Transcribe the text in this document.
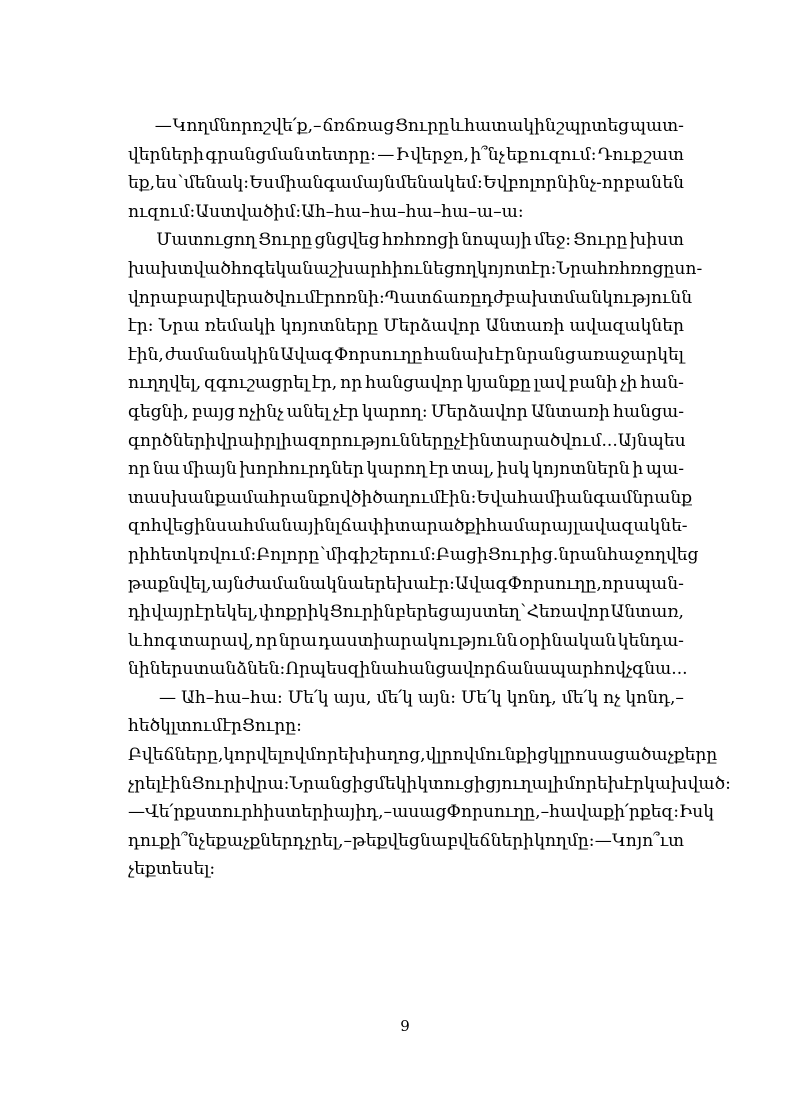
— Կողմնորոշվե՛ք,– ճռճռաց Ցուրը և հատակին շպրտեց պատ-
վերների գրանցման տետրը: — Ի վերջո, ի՞նչ եք ուզում: Դուք շատ
եք, ես՝ մենակ: Ես միանգամայն մենակ եմ: Եվ բոլորն ինչ-որ բան են
ուզում: Աստված իմ: Ահ–հա–հա–հա–հա–ա–ա:
Մատուցող Ցուրը ցնցվեց հռհռոցի նոպայի մեջ: Ցուրը խիստ
խախտված հոգեկան աշխարհի ունեցող կոյոտ էր: Նրա հռհռոցը սո-
վորաբար վերածվում էր ոռնի: Պատճառը դժբախտ մանկությունն
էր: Նրա ռեմակի կոյոտները Մերձավոր Անտառի ավազակներ
էին, ժամանակին Ավագ Փորսուղը հանախ էր նրանց առաջարկել
ուղղվել, զգուշացրել էր, որ հանցավոր կյանքը լավ բանի չի հան-
գեցնի, բայց ոչինչ անել չէր կարող: Մերձավոր Անտառի հանցա-
գործների վրա իր լիազորությունները չէին տարածվում... Այնպես
որ նա միայն խորհուրդներ կարող էր տալ, իսկ կոյոտներն ի պա-
տասխան քամահրանքով ծիծաղում էին: Եվ ահա մի անգամ նրանք
զոհվեցին սահմանային լճափի տարածքի համար այլ ավազակնե-
րի հետ կռվում: Բոլորը՝ մի գիշերում: Բացի Ցուրից. նրան հաջողվեց
թաքնվել, այն ժամանակ նա երեխա էր: Ավագ Փորսուղը, որ սպան-
դի վայր էր եկել, փոքրիկ Ցուրին բերեց այստեղ՝ Հեռավոր Անտառ,
և հոգ տարավ, որ նրա դաստիարակությունն օրինական կենդա-
նիներ ստանձնեն: Որպեսզի նա հանցավոր ճանապարհով չգնա...
— Ահ–հա–հա: Մե՛կ այս, մե՛կ այն: Մե՛կ կոնդ, մե՛կ ոչ կոնդ,–
հեծկլտում էր Ցուրը:
Բվեճները, կորվելով մորեխիսղոց, վլրովմունքից կլրոսացած աչքերը
չրել էին Ցուրի վրա: Նրանցից մեկի կտուցից յուղալի մորեխ էր կախված:
— Վե՛րք ստուր հիստերիայիդ,– ասաց Փորսուղը,– հավաքի՛ր քեզ: Իսկ
դուք ի՞նչ եք աչքներդ չրել,– թեքվեց նա բվեճների կողմը: — Կոյո՞ւտ
չեք տեսել:
9
